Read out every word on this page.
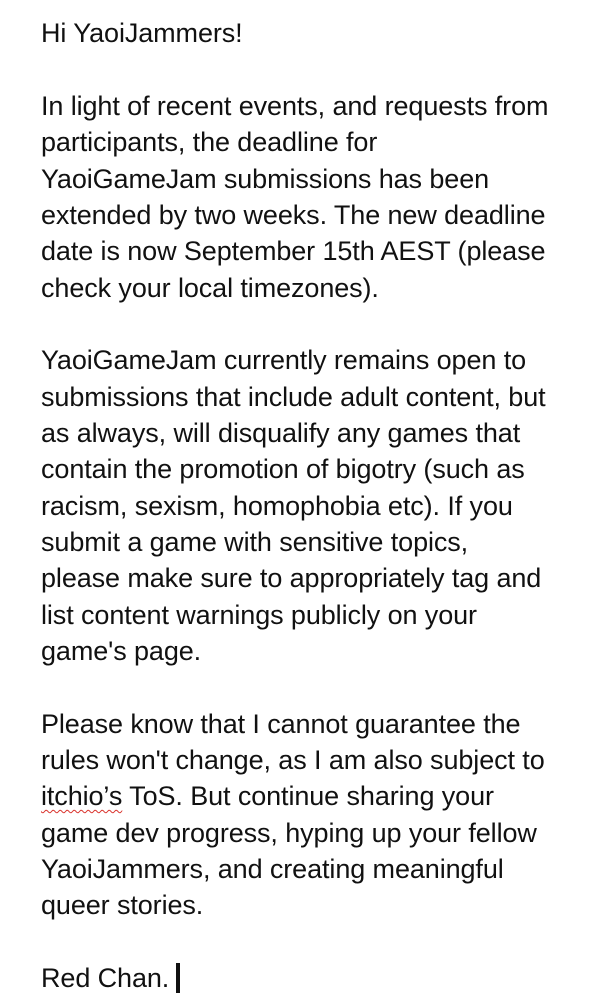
Hi YaoiJammers!
In light of recent events, and requests from
participants, the deadline for
YaoiGameJam submissions has been
extended by two weeks. The new deadline
date is now September 15th AEST (please
check your local timezones).
YaoiGameJam currently remains open to
submissions that include adult content, but
as always, will disqualify any games that
contain the promotion of bigotry (such as
racism, sexism, homophobia etc). If you
submit a game with sensitive topics,
please make sure to appropriately tag and
list content warnings publicly on your
game's page.
Please know that I cannot guarantee the
rules won't change, as I am also subject to
itchio’s ToS. But continue sharing your
game dev progress, hyping up your fellow
YaoiJammers, and creating meaningful
queer stories.
Red Chan.
